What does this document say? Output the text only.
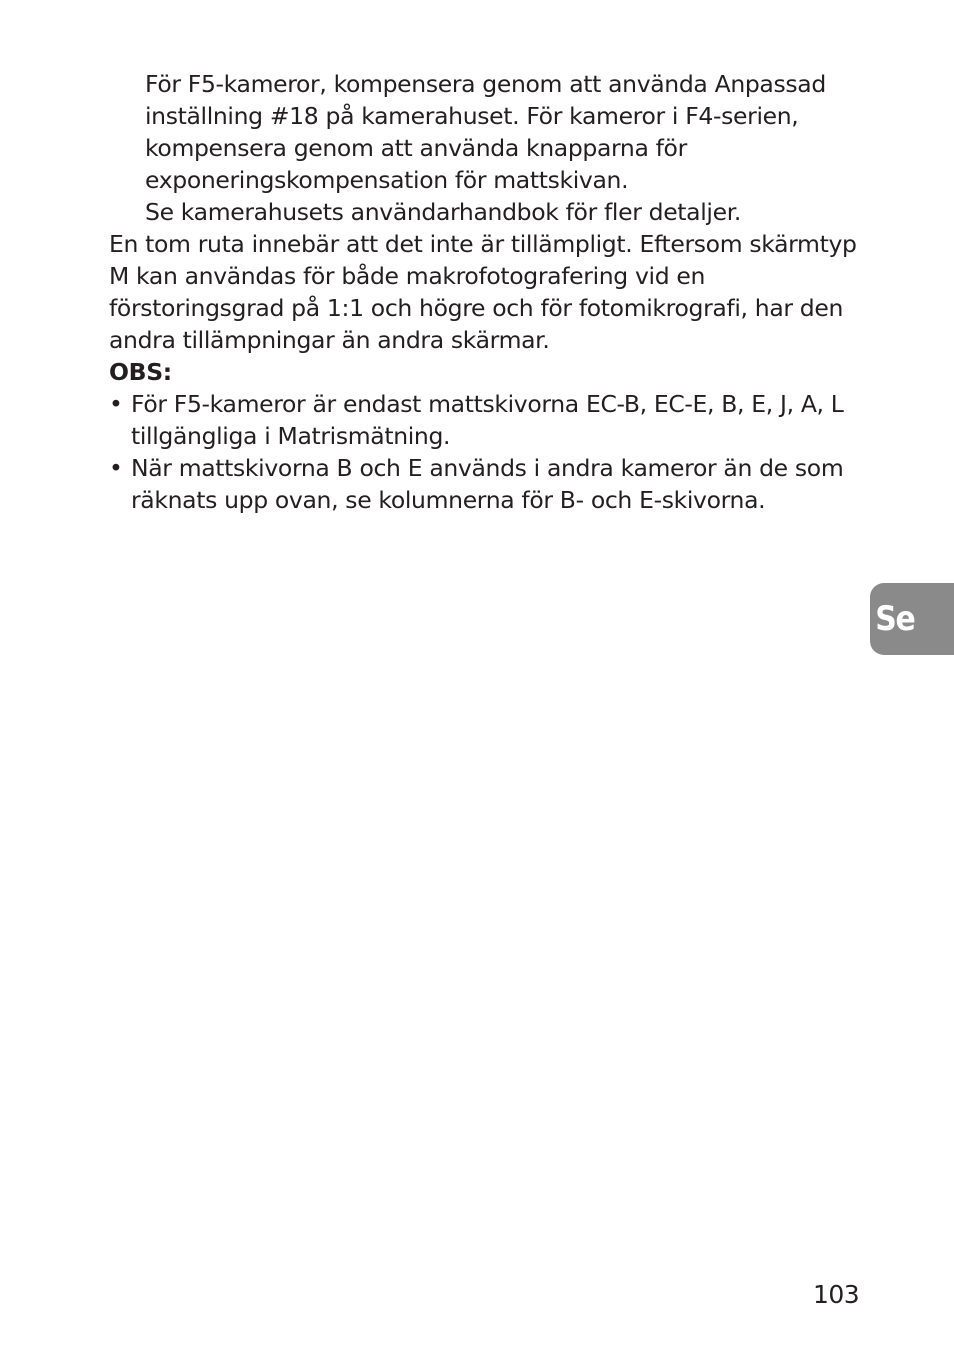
För F5-kameror, kompensera genom att använda Anpassad
inställning #18 på kamerahuset. För kameror i F4-serien,
kompensera genom att använda knapparna för
exponeringskompensation för mattskivan.
Se kamerahusets användarhandbok för fler detaljer.
En tom ruta innebär att det inte är tillämpligt. Eftersom skärmtyp
M kan användas för både makrofotografering vid en
förstoringsgrad på 1:1 och högre och för fotomikrografi, har den
andra tillämpningar än andra skärmar.
OBS:
• För F5-kameror är endast mattskivorna EC-B, EC-E, B, E, J, A, L
tillgängliga i Matrismätning.
• När mattskivorna B och E används i andra kameror än de som
räknats upp ovan, se kolumnerna för B- och E-skivorna.
Se
103
